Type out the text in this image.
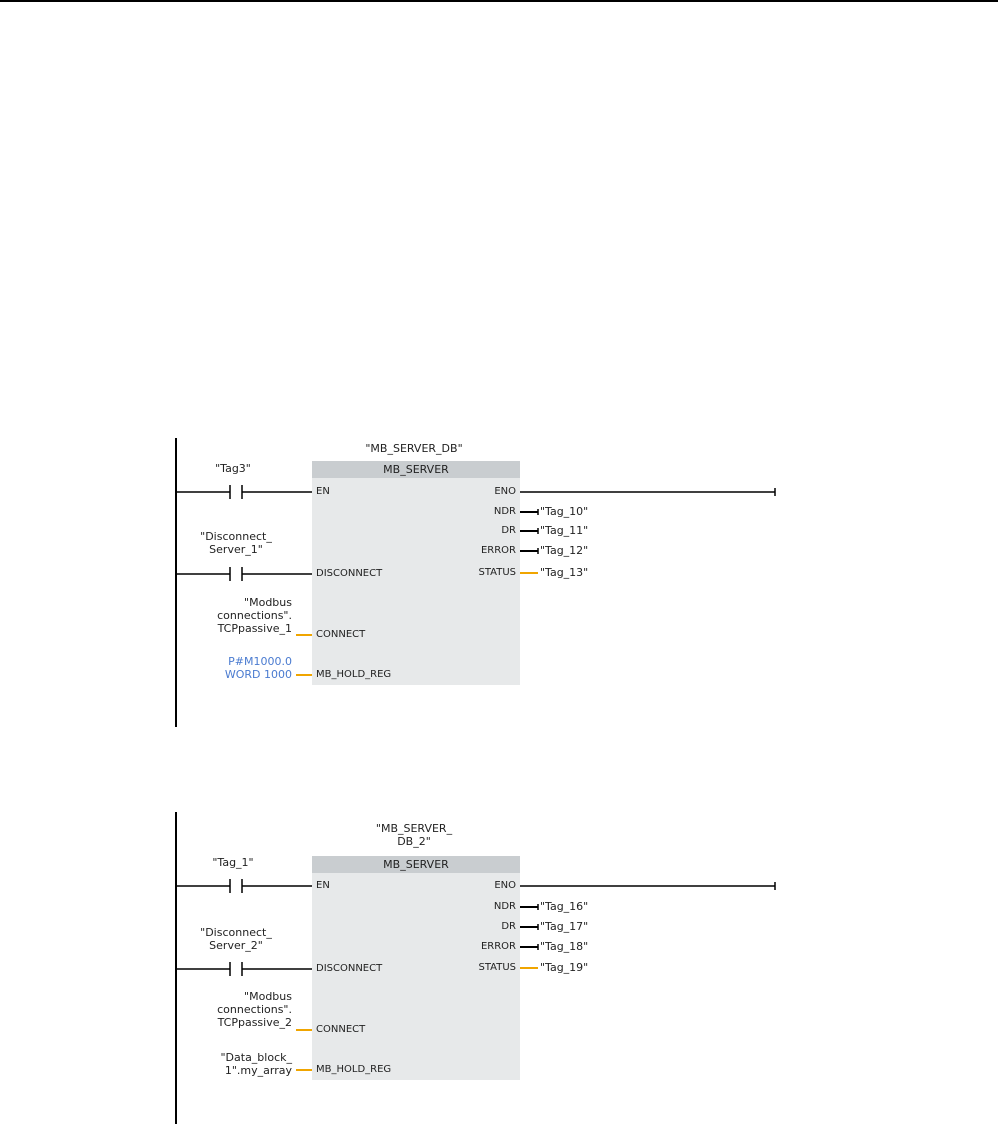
"MB_SERVER_DB"
"Tag3"
"Disconnect_
Server_1"
"Modbus
connections".
TCPpassive_1
P#M1000.0
WORD 1000
MB_SERVER
EN
DISCONNECT
CONNECT
MB_HOLD_REG
ENO
NDR
DR
ERROR
STATUS
"Tag_10"
"Tag_11"
"Tag_12"
"Tag_13"
"MB_SERVER_
DB_2"
"Tag_1"
"Disconnect_
Server_2"
"Modbus
connections".
TCPpassive_2
"Data_block_
1".my_array
MB_SERVER
EN
DISCONNECT
CONNECT
MB_HOLD_REG
ENO
NDR
DR
ERROR
STATUS
"Tag_16"
"Tag_17"
"Tag_18"
"Tag_19"
